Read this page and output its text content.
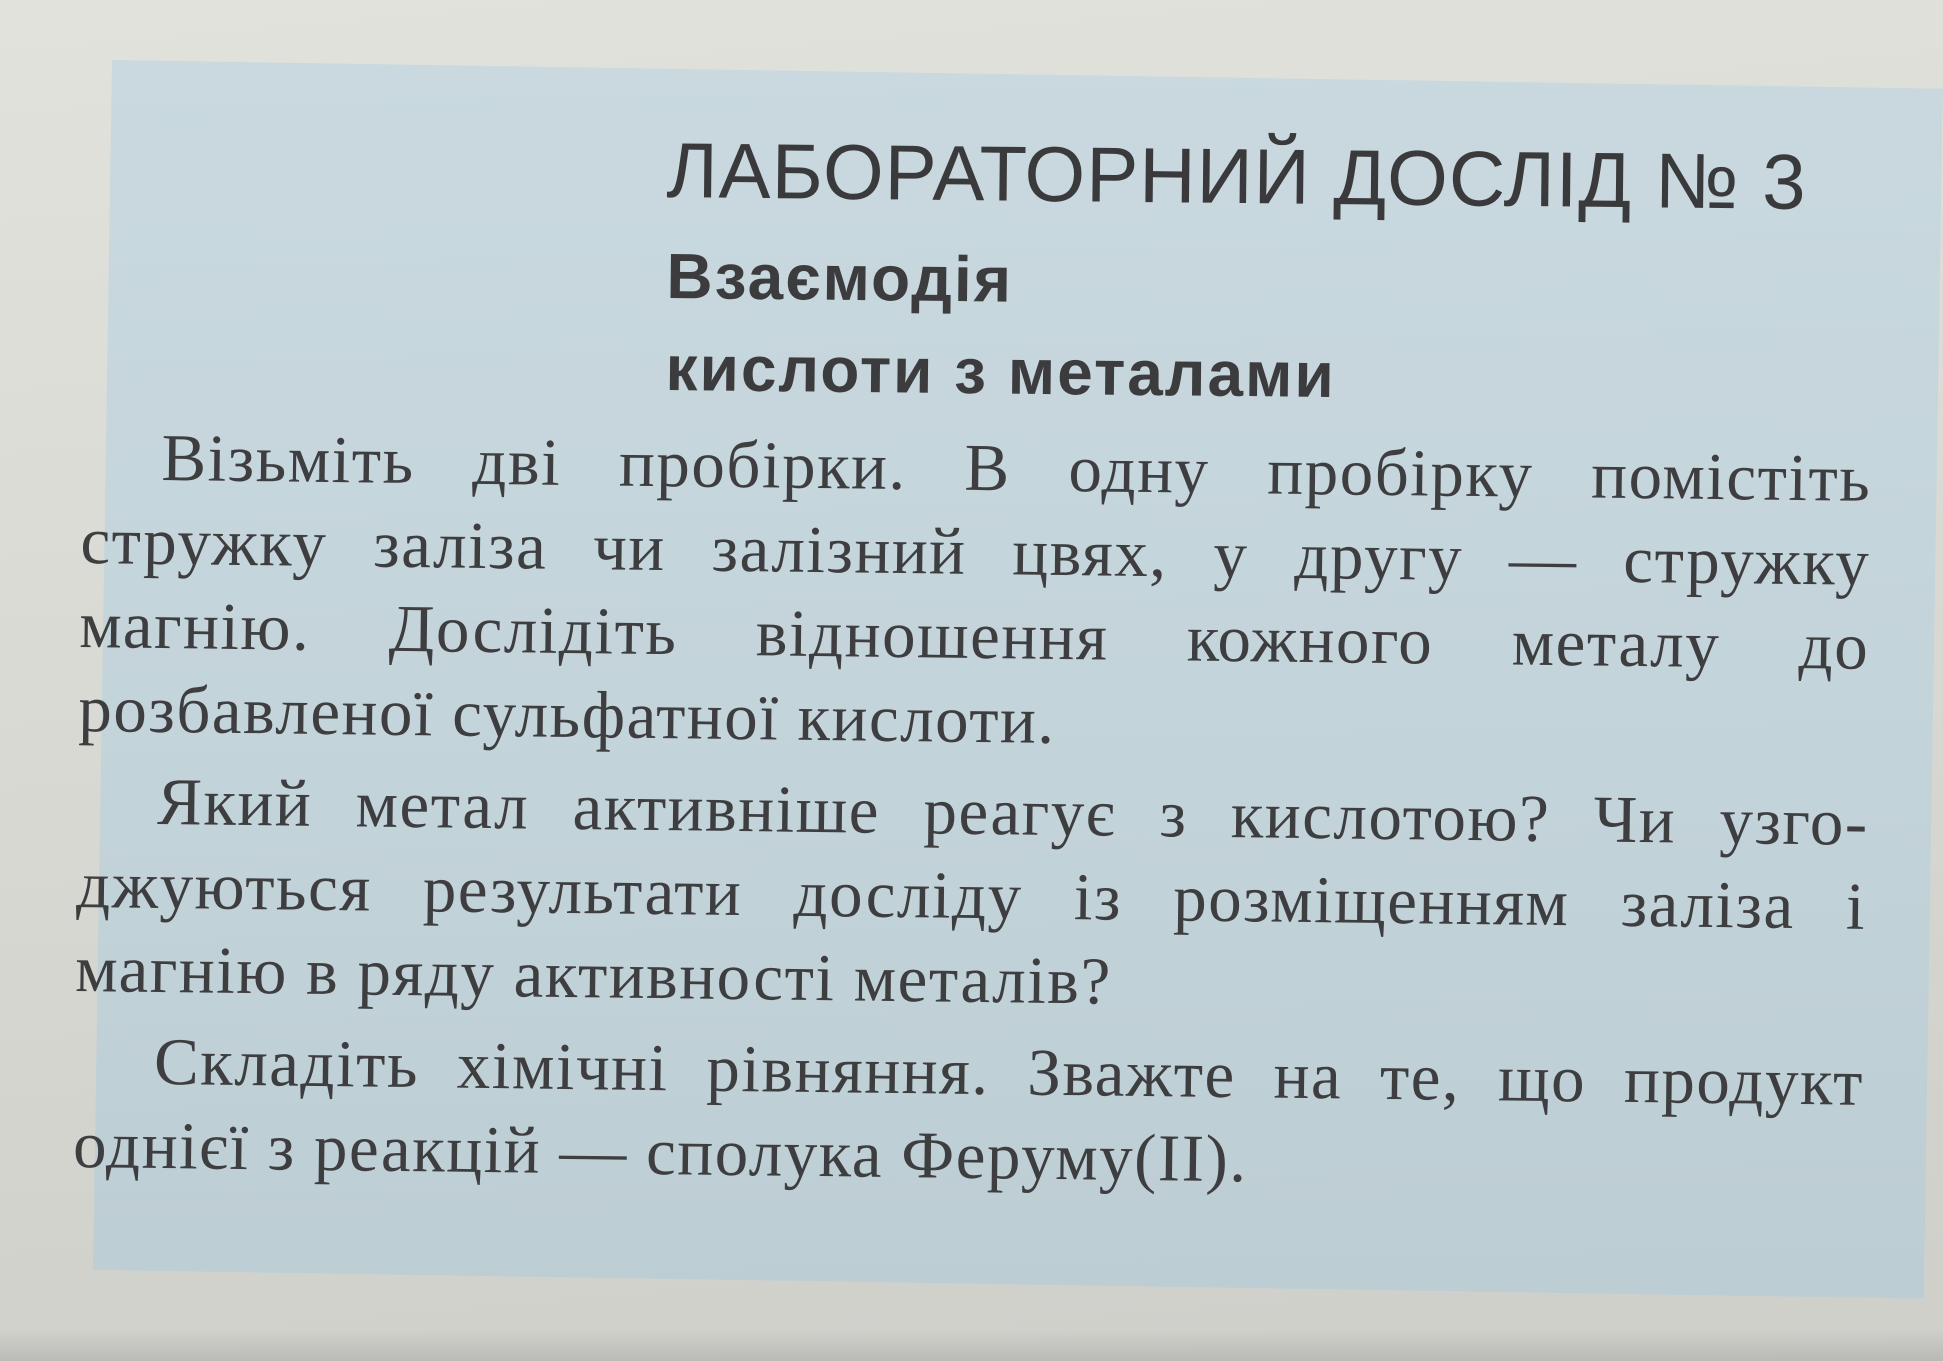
ЛАБОРАТОРНИЙ ДОСЛІД № 3
Взаємодія
кислоти з металами

Візьміть дві пробірки. В одну пробірку помістіть стружку заліза чи залізний цвях, у другу — стружку магнію. Дослідіть відношення кожного металу до розбавленої сульфатної кислоти.

Який метал активніше реагує з кислотою? Чи узгоджуються результати досліду із розміщенням заліза і магнію в ряду активності металів?

Складіть хімічні рівняння. Зважте на те, що продукт однієї з реакцій — сполука Феруму(II).
